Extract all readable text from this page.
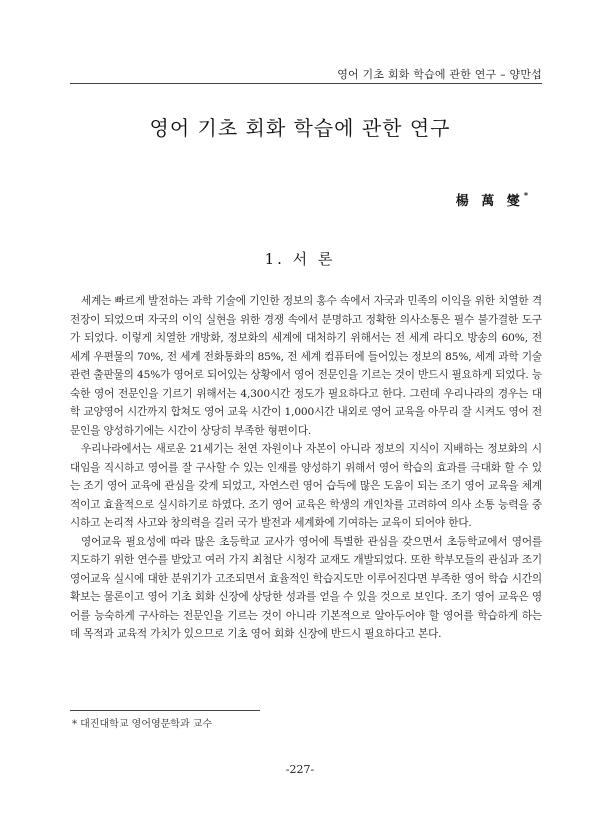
영어 기초 회화 학습에 관한 연구 – 양만섭
영어 기초 회화 학습에 관한 연구
楊 萬 燮*
1. 서 론

세계는 빠르게 발전하는 과학 기술에 기인한 정보의 홍수 속에서 자국과 민족의 이익을 위한 치열한 격전장이 되었으며 자국의 이익 실현을 위한 경쟁 속에서 분명하고 정확한 의사소통은 필수 불가결한 도구가 되었다. 이렇게 치열한 개방화, 정보화의 세계에 대처하기 위해서는 전 세계 라디오 방송의 60%, 전 세계 우편물의 70%, 전 세계 전화통화의 85%, 전 세계 컴퓨터에 들어있는 정보의 85%, 세계 과학 기술 관련 출판물의 45%가 영어로 되어있는 상황에서 영어 전문인을 기르는 것이 반드시 필요하게 되었다. 능숙한 영어 전문인을 기르기 위해서는 4,300시간 정도가 필요하다고 한다. 그런데 우리나라의 경우는 대학 교양영어 시간까지 합쳐도 영어 교육 시간이 1,000시간 내외로 영어 교육을 아무리 잘 시켜도 영어 전문인을 양성하기에는 시간이 상당히 부족한 형편이다.

우리나라에서는 새로운 21세기는 천연 자원이나 자본이 아니라 정보의 지식이 지배하는 정보화의 시대임을 직시하고 영어를 잘 구사할 수 있는 인재를 양성하기 위해서 영어 학습의 효과를 극대화 할 수 있는 조기 영어 교육에 관심을 갖게 되었고, 자연스런 영어 습득에 많은 도움이 되는 조기 영어 교육을 체계적이고 효율적으로 실시하기로 하였다. 조기 영어 교육은 학생의 개인차를 고려하여 의사 소통 능력을 중시하고 논리적 사고와 창의력을 길러 국가 발전과 세계화에 기여하는 교육이 되어야 한다.

영어교육 필요성에 따라 많은 초등학교 교사가 영어에 특별한 관심을 갖으면서 초등학교에서 영어를 지도하기 위한 연수를 받았고 여러 가지 최첨단 시청각 교재도 개발되었다. 또한 학부모들의 관심과 조기 영어교육 실시에 대한 분위기가 고조되면서 효율적인 학습지도만 이루어진다면 부족한 영어 학습 시간의 확보는 물론이고 영어 기초 회화 신장에 상당한 성과를 얻을 수 있을 것으로 보인다. 조기 영어 교육은 영어를 능숙하게 구사하는 전문인을 기르는 것이 아니라 기본적으로 알아두어야 할 영어를 학습하게 하는데 목적과 교육적 가치가 있으므로 기초 영어 회화 신장에 반드시 필요하다고 본다.

* 대진대학교 영어영문학과 교수
-227-
